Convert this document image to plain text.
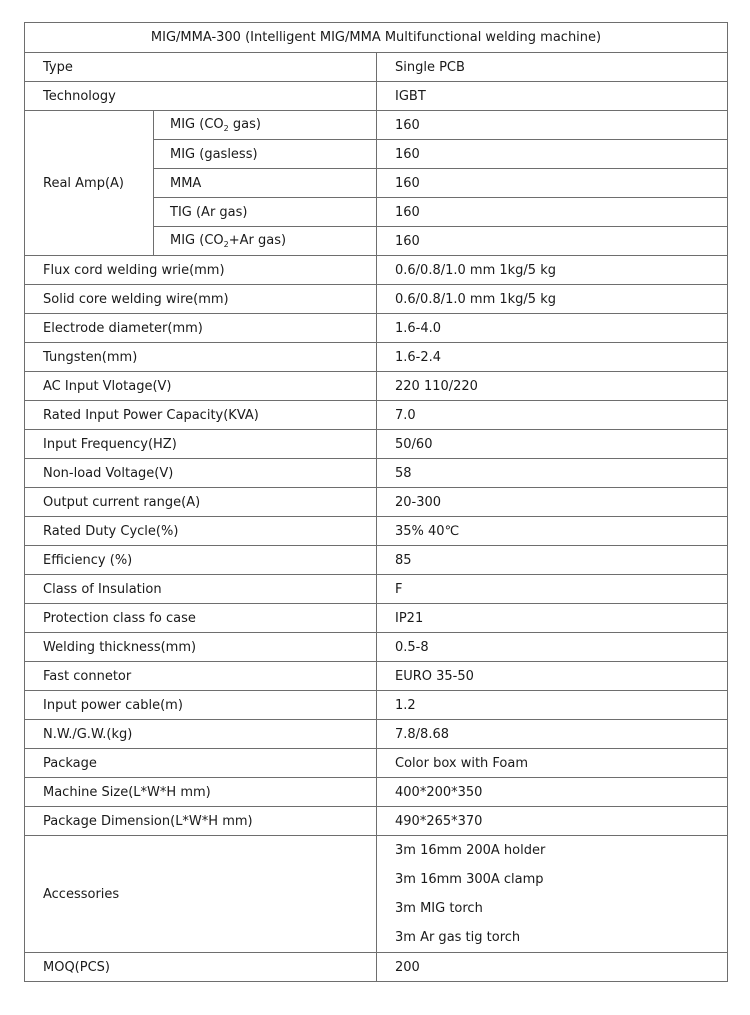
MIG/MMA-300 (Intelligent MIG/MMA Multifunctional welding machine)		
Type		Single PCB
Technology		IGBT
Real Amp(A)	MIG ($CO_2$ gas)	160
	MIG (gasless)	160
	MMA	160
	TIG (Ar gas)	160
	MIG ($CO_2+Ar$ gas)	160
Flux cord welding wrie(mm)		0.6/0.8/1.0 mm 1kg/5 kg
Solid core welding wire(mm)		0.6/0.8/1.0 mm 1kg/5 kg
Electrode diameter(mm)		1.6-4.0
Tungsten(mm)		1.6-2.4
AC Input Vlotage(V)		220 110/220
Rated Input Power Capacity(KVA)		7.0
Input Frequency(HZ)		50/60
Non-load Voltage(V)		58
Output current range(A)		20-300
Rated Duty Cycle(%)		35% 40℃
Efficiency (%)		85
Class of Insulation		F
Protection class fo case		IP21
Welding thickness(mm)		0.5-8
Fast connetor		EURO 35-50
Input power cable(m)		1.2
N.W./G.W.(kg)		7.8/8.68
Package		Color box with Foam
Machine Size(L*W*H mm)		400*200*350
Package Dimension(L*W*H mm)		490*265*370
Accessories		3m 16mm 200A holder
3m 16mm 300A clamp
3m MIG torch
3m Ar gas tig torch

MOQ(PCS)		200
